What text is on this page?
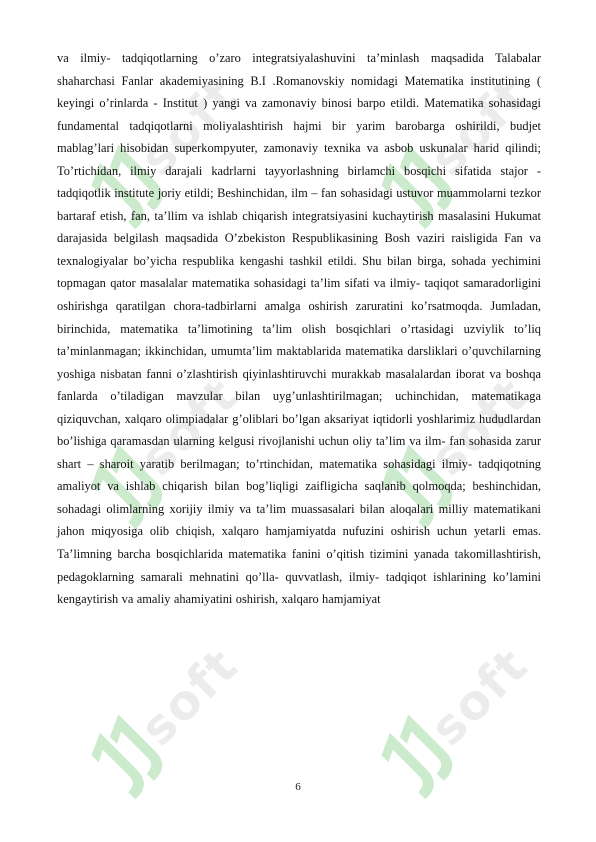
soft	soft
soft	soft
soft	soft

va ilmiy- tadqiqotlarning o’zaro integratsiyalashuvini ta’minlash maqsadida Talabalar shaharchasi Fanlar akademiyasining B.I .Romanovskiy nomidagi Matematika institutining ( keyingi o’rinlarda - Institut ) yangi va zamonaviy binosi barpo etildi. Matematika sohasidagi fundamental tadqiqotlarni moliyalashtirish hajmi bir yarim barobarga oshirildi, budjet mablag’lari hisobidan superkompyuter, zamonaviy texnika va asbob uskunalar harid qilindi; To’rtichidan, ilmiy darajali kadrlarni tayyorlashning birlamchi bosqichi sifatida stajor - tadqiqotlik institute joriy etildi; Beshinchidan, ilm – fan sohasidagi ustuvor muammolarni tezkor bartaraf etish, fan, ta’llim va ishlab chiqarish integratsiyasini kuchaytirish masalasini Hukumat darajasida belgilash maqsadida O’zbekiston Respublikasining Bosh vaziri raisligida Fan va texnalogiyalar bo’yicha respublika kengashi tashkil etildi. Shu bilan birga, sohada yechimini topmagan qator masalalar matematika sohasidagi ta’lim sifati va ilmiy- taqiqot samaradorligini oshirishga qaratilgan chora-tadbirlarni amalga oshirish zaruratini ko’rsatmoqda. Jumladan, birinchida, matematika ta’limotining ta’lim olish bosqichlari o’rtasidagi uzviylik to’liq ta’minlanmagan; ikkinchidan, umumta’lim maktablarida matematika darsliklari o’quvchilarning yoshiga nisbatan fanni o’zlashtirish qiyinlashtiruvchi murakkab masalalardan iborat va boshqa fanlarda o’tiladigan mavzular bilan uyg’unlashtirilmagan; uchinchidan, matematikaga qiziquvchan, xalqaro olimpiadalar g’oliblari bo’lgan aksariyat iqtidorli yoshlarimiz hududlardan bo’lishiga qaramasdan ularning kelgusi rivojlanishi uchun oliy ta’lim va ilm- fan sohasida zarur shart – sharoit yaratib berilmagan; to’rtinchidan, matematika sohasidagi ilmiy- tadqiqotning amaliyot va ishlab chiqarish bilan bog’liqligi zaifligicha saqlanib qolmoqda; beshinchidan, sohadagi olimlarning xorijiy ilmiy va ta’lim muassasalari bilan aloqalari milliy matematikani jahon miqyosiga olib chiqish, xalqaro hamjamiyatda nufuzini oshirish uchun yetarli emas. Ta’limning barcha bosqichlarida matematika fanini o’qitish tizimini yanada takomillashtirish, pedagoklarning samarali mehnatini qo’lla- quvvatlash, ilmiy- tadqiqot ishlarining ko’lamini kengaytirish va amaliy ahamiyatini oshirish, xalqaro hamjamiyat

6
